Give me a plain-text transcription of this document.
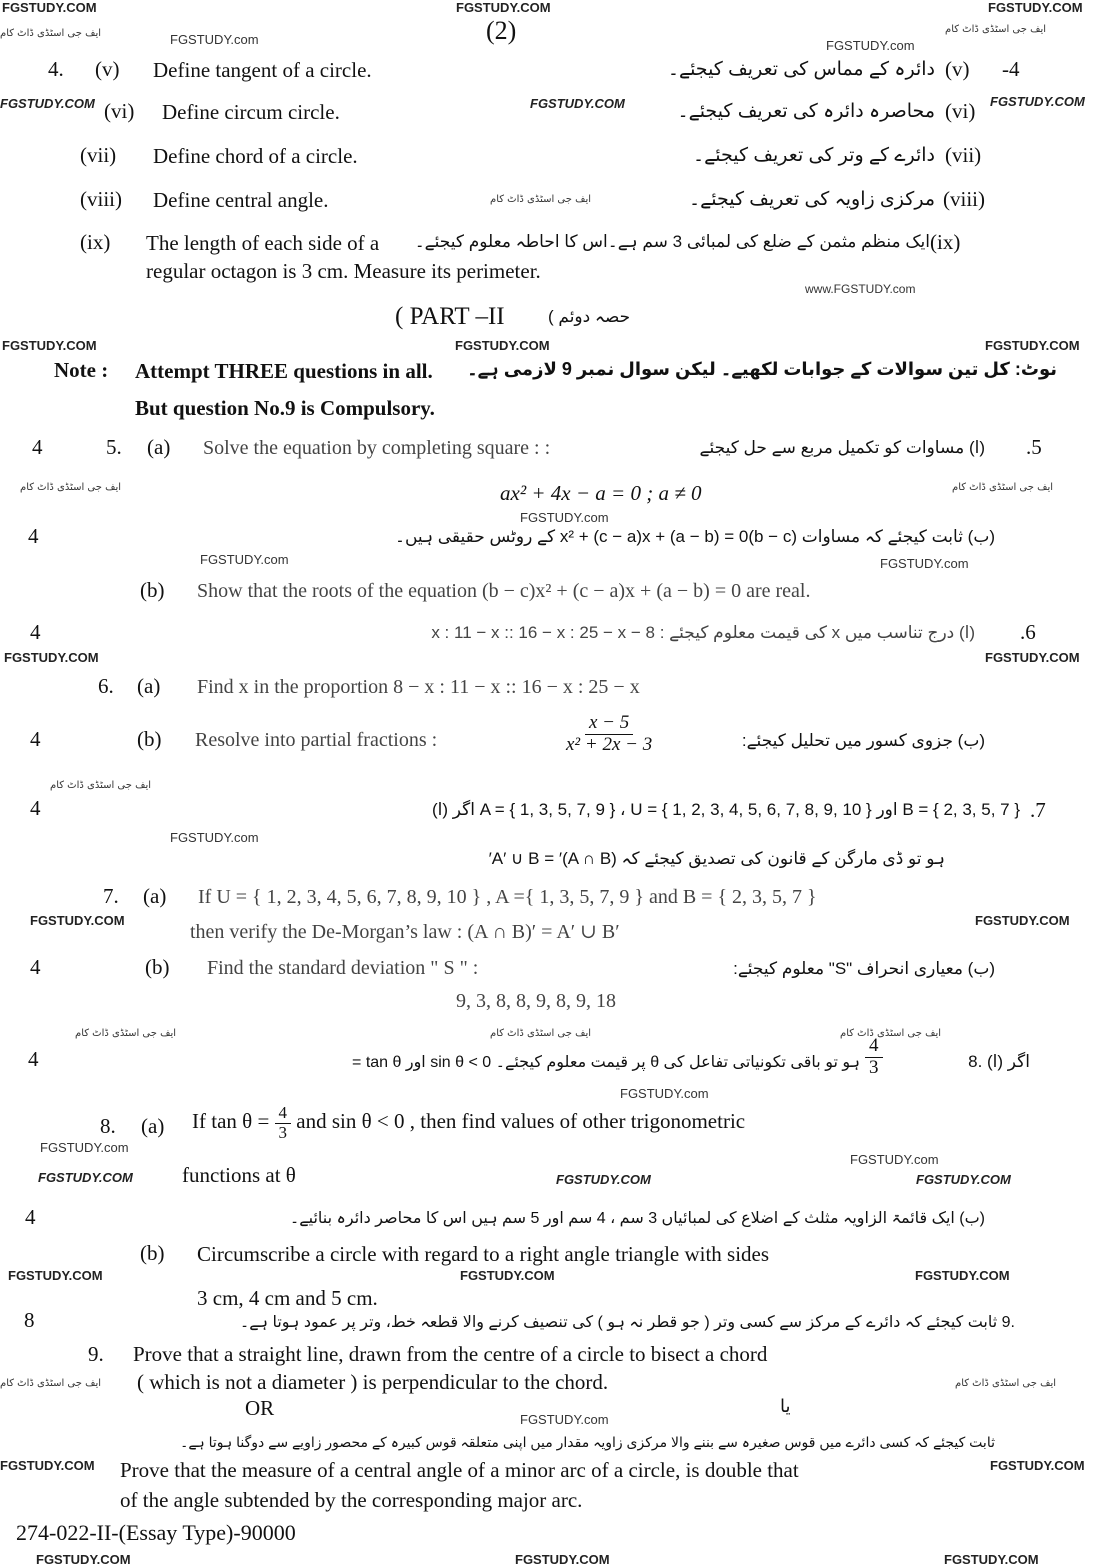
FGSTUDY.COM	FGSTUDY.COM	FGSTUDY.COM
ایف جی اسٹڈی ڈاٹ کام	FGSTUDY.com
ایف جی اسٹڈی ڈاٹ کام
FGSTUDY.com
FGSTUDY.COM	FGSTUDY.COM	FGSTUDY.COM
ایف جی اسٹڈی ڈاٹ کام
www.FGSTUDY.com
FGSTUDY.COM	FGSTUDY.COM	FGSTUDY.COM
ایف جی اسٹڈی ڈاٹ کام	ایف جی اسٹڈی ڈاٹ کام
FGSTUDY.com
FGSTUDY.com	FGSTUDY.com
FGSTUDY.COM	FGSTUDY.COM
ایف جی اسٹڈی ڈاٹ کام
FGSTUDY.com
FGSTUDY.COM	FGSTUDY.COM
ایف جی اسٹڈی ڈاٹ کام	ایف جی اسٹڈی ڈاٹ کام	ایف جی اسٹڈی ڈاٹ کام
FGSTUDY.com
FGSTUDY.com
FGSTUDY.com
FGSTUDY.COM	FGSTUDY.COM	FGSTUDY.COM
FGSTUDY.COM	FGSTUDY.COM	FGSTUDY.COM
ایف جی اسٹڈی ڈاٹ کام	ایف جی اسٹڈی ڈاٹ کام
FGSTUDY.com
FGSTUDY.COM	FGSTUDY.COM
FGSTUDY.COM	FGSTUDY.COM	FGSTUDY.COM
(2)
4. (v) Define tangent of a circle.	دائرہ کے مماس کی تعریف کیجئے۔ (v) -4
(vi) Define circum circle.	محاصرہ دائرہ کی تعریف کیجئے۔ (vi)
(vii) Define chord of a circle.	دائرے کے وتر کی تعریف کیجئے۔ (vii)
(viii) Define central angle.	مرکزی زاویہ کی تعریف کیجئے۔ (viii)
(ix) The length of each side of a
regular octagon is 3 cm. Measure its perimeter.
ایک منظم مثمن کے ضلع کی لمبائی 3 سم ہے۔اس کا احاطہ معلوم کیجئے۔ (ix)
( PART –II	حصہ دوئم )
Note : Attempt THREE questions in all.
But question No.9 is Compulsory.
نوٹ: کل تین سوالات کے جوابات لکھیے۔ لیکن سوال نمبر 9 لازمی ہے۔
4	5. (a) Solve the equation by completing square : :	(ا) مساوات کو تکمیل مربع سے حل کیجئے .5
ax² + 4x − a = 0 ; a ≠ 0
4	(ب) ثابت کیجئے کہ مساوات (b − c)x² + (c − a)x + (a − b) = 0 کے روٹس حقیقی ہیں۔
(b) Show that the roots of the equation (b − c)x² + (c − a)x + (a − b) = 0 are real.
4	(ا) درج تناسب میں x کی قیمت معلوم کیجئے : 8 − x : 11 − x :: 16 − x : 25 − x .6
6. (a) Find x in the proportion 8 − x : 11 − x :: 16 − x : 25 − x
4	(b) Resolve into partial fractions :	$\frac{x - 5}{\text{x² + 2x − 3}}$	(ب) جزوی کسور میں تحلیل کیجئے:
4	B = { 2, 3, 5, 7 } اور A = { 1, 3, 5, 7, 9 } ، U = { 1, 2, 3, 4, 5, 6, 7, 8, 9, 10 } اگر (ا) .7
ہو تو ڈی مارگن کے قانون کی تصدیق کیجئے کہ (A ∩ B)′ = A′ ∪ B′
7. (a) If U = { 1, 2, 3, 4, 5, 6, 7, 8, 9, 10 } , A ={ 1, 3, 5, 7, 9 } and B = { 2, 3, 5, 7 }
then verify the De-Morgan’s law : (A ∩ B)′ = A′ ∪ B′
4	(b) Find the standard deviation " S " :	(ب) معیاری انحراف "S" معلوم کیجئے:
9, 3, 8, 8, 9, 8, 9, 18
4	ہو تو باقی تکونیاتی تفاعل کی θ پر قیمت معلوم کیجئے۔ sin θ < 0 اور $\tan \theta = \frac{4}{3}$	اگر (ا) .8
8. (a) If $\tan \theta = \frac{4}{3}$ and sin θ < 0 , then find values of other trigonometric
functions at θ
4	(ب) ایک قائمۃ الزاویہ مثلث کے اضلاع کی لمبائیاں 3 سم ، 4 سم اور 5 سم ہیں اس کا محاصر دائرہ بنائیے۔
(b) Circumscribe a circle with regard to a right angle triangle with sides
3 cm, 4 cm and 5 cm.
8	.9 ثابت کیجئے کہ دائرے کے مرکز سے کسی وتر ( جو قطر نہ ہو ) کی تنصیف کرنے والا قطعہ خط، وتر پر عمود ہوتا ہے۔
9. Prove that a straight line, drawn from the centre of a circle to bisect a chord
( which is not a diameter ) is perpendicular to the chord.
OR	یا
ثابت کیجئے کہ کسی دائرے میں قوس صغیرہ سے بننے والا مرکزی زاویہ مقدار میں اپنی متعلقہ قوس کبیرہ کے محصور زاویے سے دوگنا ہوتا ہے۔
Prove that the measure of a central angle of a minor arc of a circle, is double that
of the angle subtended by the corresponding major arc.
274-022-II-(Essay Type)-90000
